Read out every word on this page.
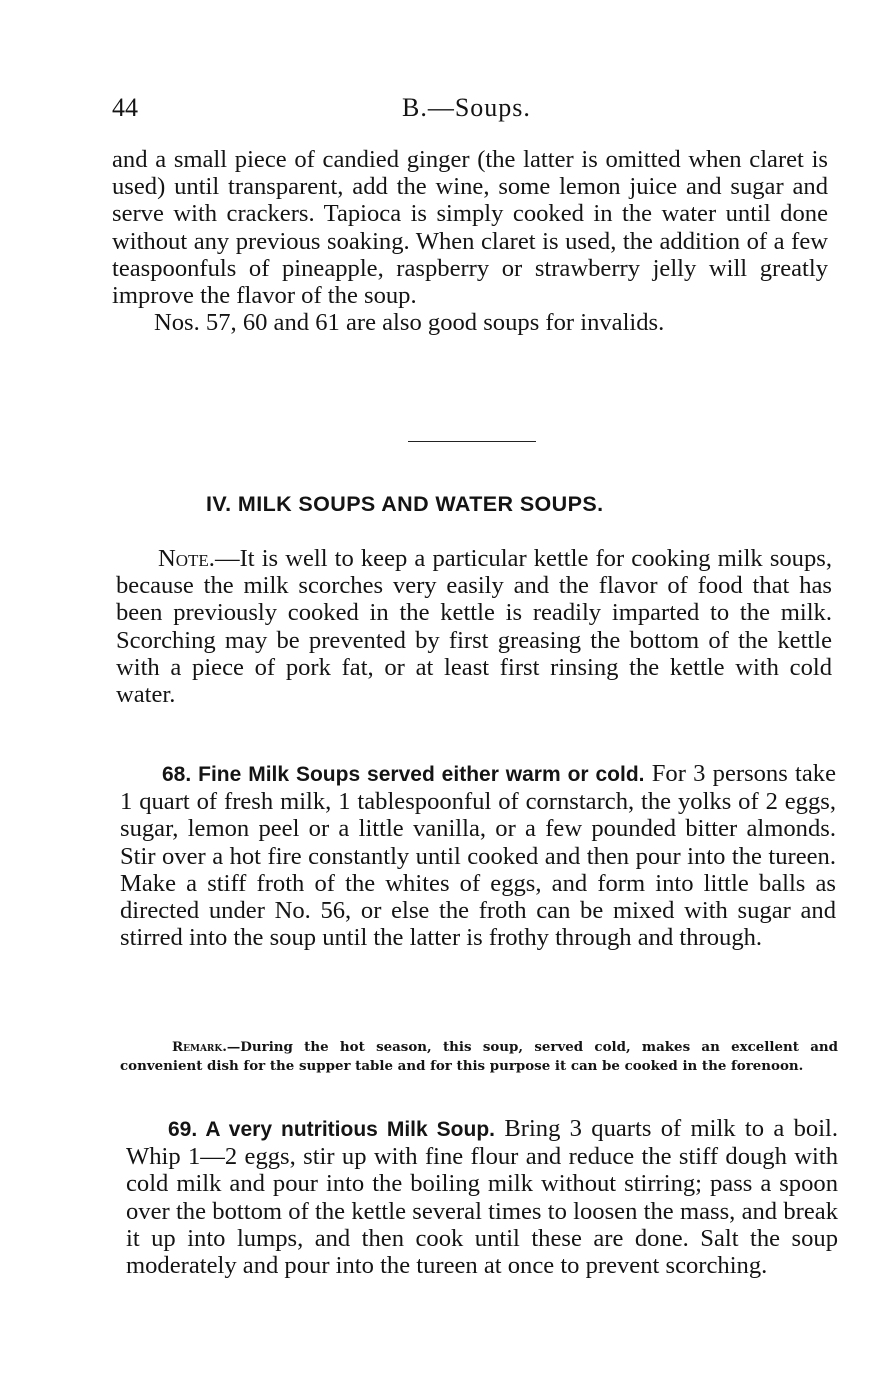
44	B.—Soups.

and a small piece of candied ginger (the latter is omitted when claret is used) until transparent, add the wine, some lemon juice and sugar and serve with crackers. Tapioca is simply cooked in the water until done without any previous soaking. When claret is used, the addition of a few teaspoonfuls of pineapple, raspberry or strawberry jelly will greatly improve the flavor of the soup.

Nos. 57, 60 and 61 are also good soups for invalids.

IV. MILK SOUPS AND WATER SOUPS.

Note.—It is well to keep a particular kettle for cooking milk soups, because the milk scorches very easily and the flavor of food that has been previously cooked in the kettle is readily imparted to the milk. Scorching may be prevented by first greasing the bottom of the kettle with a piece of pork fat, or at least first rinsing the kettle with cold water.

68. Fine Milk Soups served either warm or cold. For 3 persons take 1 quart of fresh milk, 1 tablespoonful of cornstarch, the yolks of 2 eggs, sugar, lemon peel or a little vanilla, or a few pounded bitter almonds. Stir over a hot fire constantly until cooked and then pour into the tureen. Make a stiff froth of the whites of eggs, and form into little balls as directed under No. 56, or else the froth can be mixed with sugar and stirred into the soup until the latter is frothy through and through.

Remark.—During the hot season, this soup, served cold, makes an excellent and convenient dish for the supper table and for this purpose it can be cooked in the forenoon.

69. A very nutritious Milk Soup. Bring 3 quarts of milk to a boil. Whip 1—2 eggs, stir up with fine flour and reduce the stiff dough with cold milk and pour into the boiling milk without stirring; pass a spoon over the bottom of the kettle several times to loosen the mass, and break it up into lumps, and then cook until these are done. Salt the soup moderately and pour into the tureen at once to prevent scorching.
